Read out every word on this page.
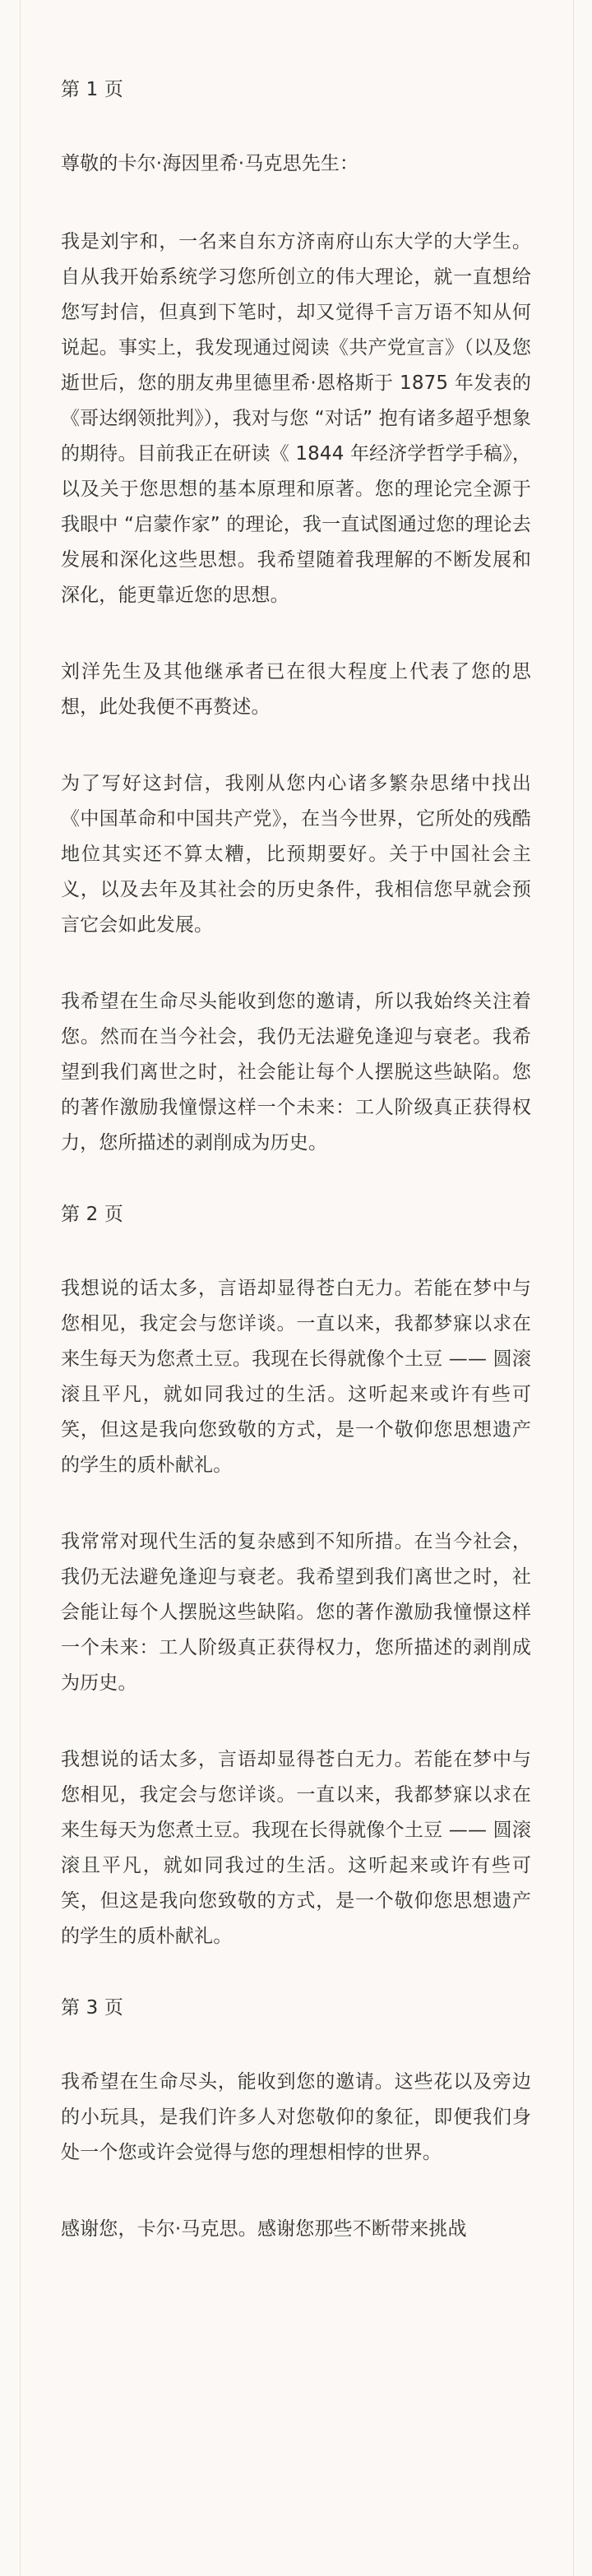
第 1 页
尊敬的卡尔·海因里希·马克思先生：
我是刘宇和，一名来自东方济南府山东大学的大学生。自从我开始系统学习您所创立的伟大理论，就一直想给您写封信，但真到下笔时，却又觉得千言万语不知从何说起。事实上，我发现通过阅读《共产党宣言》（以及您逝世后，您的朋友弗里德里希·恩格斯于 1875 年发表的《哥达纲领批判》），我对与您 “对话” 抱有诸多超乎想象的期待。目前我正在研读《 1844 年经济学哲学手稿》，以及关于您思想的基本原理和原著。您的理论完全源于我眼中 “启蒙作家” 的理论，我一直试图通过您的理论去发展和深化这些思想。我希望随着我理解的不断发展和深化，能更靠近您的思想。
刘洋先生及其他继承者已在很大程度上代表了您的思想，此处我便不再赘述。
为了写好这封信，我刚从您内心诸多繁杂思绪中找出《中国革命和中国共产党》，在当今世界，它所处的残酷地位其实还不算太糟，比预期要好。关于中国社会主义，以及去年及其社会的历史条件，我相信您早就会预言它会如此发展。
我希望在生命尽头能收到您的邀请，所以我始终关注着您。然而在当今社会，我仍无法避免逢迎与衰老。我希望到我们离世之时，社会能让每个人摆脱这些缺陷。您的著作激励我憧憬这样一个未来：工人阶级真正获得权力，您所描述的剥削成为历史。
第 2 页
我想说的话太多，言语却显得苍白无力。若能在梦中与您相见，我定会与您详谈。一直以来，我都梦寐以求在来生每天为您煮土豆。我现在长得就像个土豆 —— 圆滚滚且平凡，就如同我过的生活。这听起来或许有些可笑，但这是我向您致敬的方式，是一个敬仰您思想遗产的学生的质朴献礼。
我常常对现代生活的复杂感到不知所措。在当今社会，我仍无法避免逢迎与衰老。我希望到我们离世之时，社会能让每个人摆脱这些缺陷。您的著作激励我憧憬这样一个未来：工人阶级真正获得权力，您所描述的剥削成为历史。
我想说的话太多，言语却显得苍白无力。若能在梦中与您相见，我定会与您详谈。一直以来，我都梦寐以求在来生每天为您煮土豆。我现在长得就像个土豆 —— 圆滚滚且平凡，就如同我过的生活。这听起来或许有些可笑，但这是我向您致敬的方式，是一个敬仰您思想遗产的学生的质朴献礼。
第 3 页
我希望在生命尽头，能收到您的邀请。这些花以及旁边的小玩具，是我们许多人对您敬仰的象征，即便我们身处一个您或许会觉得与您的理想相悖的世界。
感谢您，卡尔·马克思。感谢您那些不断带来挑战
